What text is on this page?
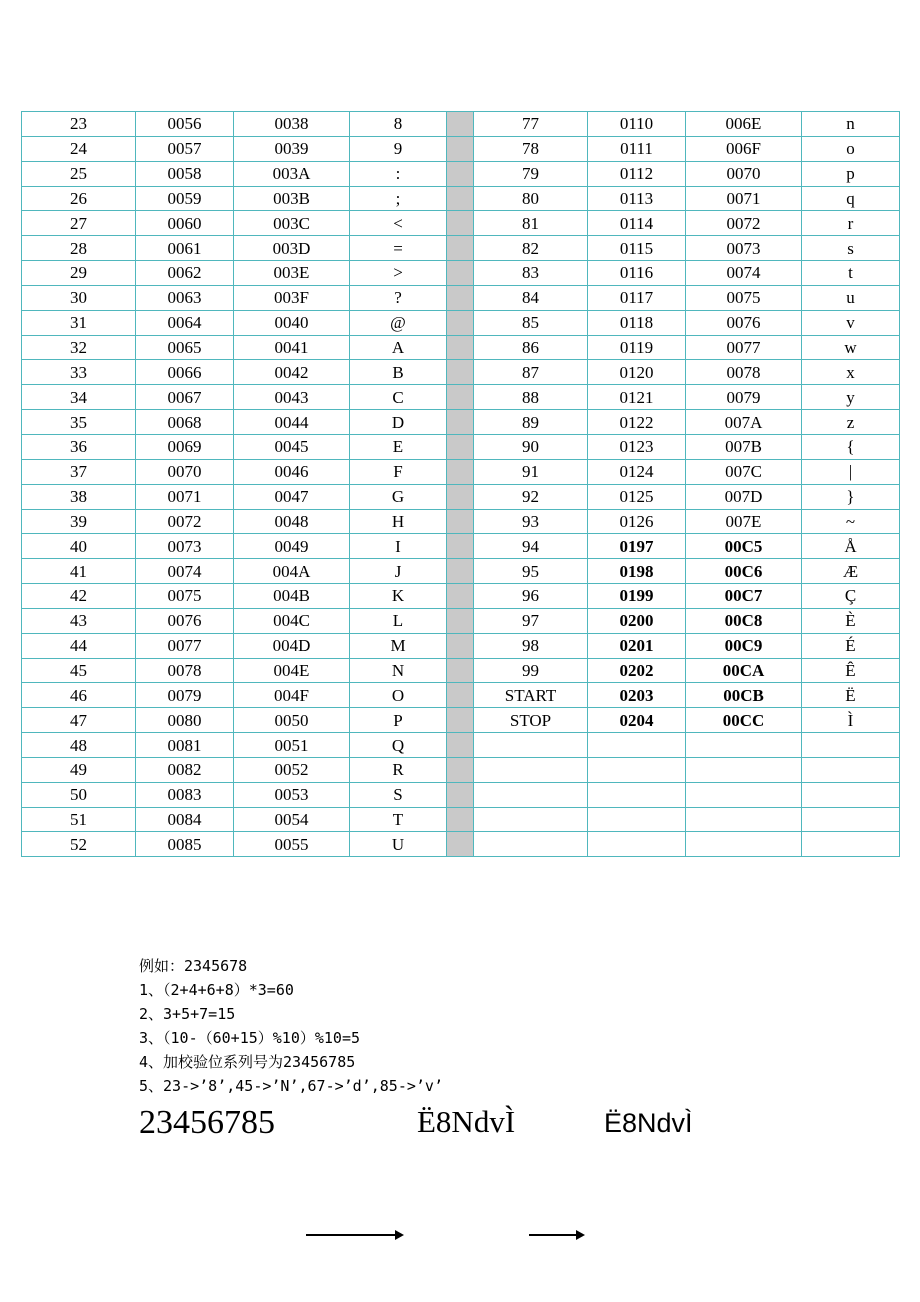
23	0056	0038	8		77	0110	006E	n
24	0057	0039	9		78	0111	006F	o
25	0058	003A	:		79	0112	0070	p
26	0059	003B	;		80	0113	0071	q
27	0060	003C	<		81	0114	0072	r
28	0061	003D	=		82	0115	0073	s
29	0062	003E	>		83	0116	0074	t
30	0063	003F	?		84	0117	0075	u
31	0064	0040	@		85	0118	0076	v
32	0065	0041	A		86	0119	0077	w
33	0066	0042	B		87	0120	0078	x
34	0067	0043	C		88	0121	0079	y
35	0068	0044	D		89	0122	007A	z
36	0069	0045	E		90	0123	007B	{
37	0070	0046	F		91	0124	007C	|
38	0071	0047	G		92	0125	007D	}
39	0072	0048	H		93	0126	007E	~
40	0073	0049	I		94	0197	00C5	Å
41	0074	004A	J		95	0198	00C6	Æ
42	0075	004B	K		96	0199	00C7	Ç
43	0076	004C	L		97	0200	00C8	È
44	0077	004D	M		98	0201	00C9	É
45	0078	004E	N		99	0202	00CA	Ê
46	0079	004F	O		START	0203	00CB	Ë
47	0080	0050	P		STOP	0204	00CC	Ì
48	0081	0051	Q					
49	0082	0052	R					
50	0083	0053	S					
51	0084	0054	T					
52	0085	0055	U					
例如：2345678
1、（2+4+6+8）*3=60
2、3+5+7=15
3、（10-（60+15）%10）%10=5
4、加校验位系列号为23456785
5、23->’8’,45->’N’,67->’d’,85->’v’
23456785	Ë8NdvÌ	Ë8NdvÌ
